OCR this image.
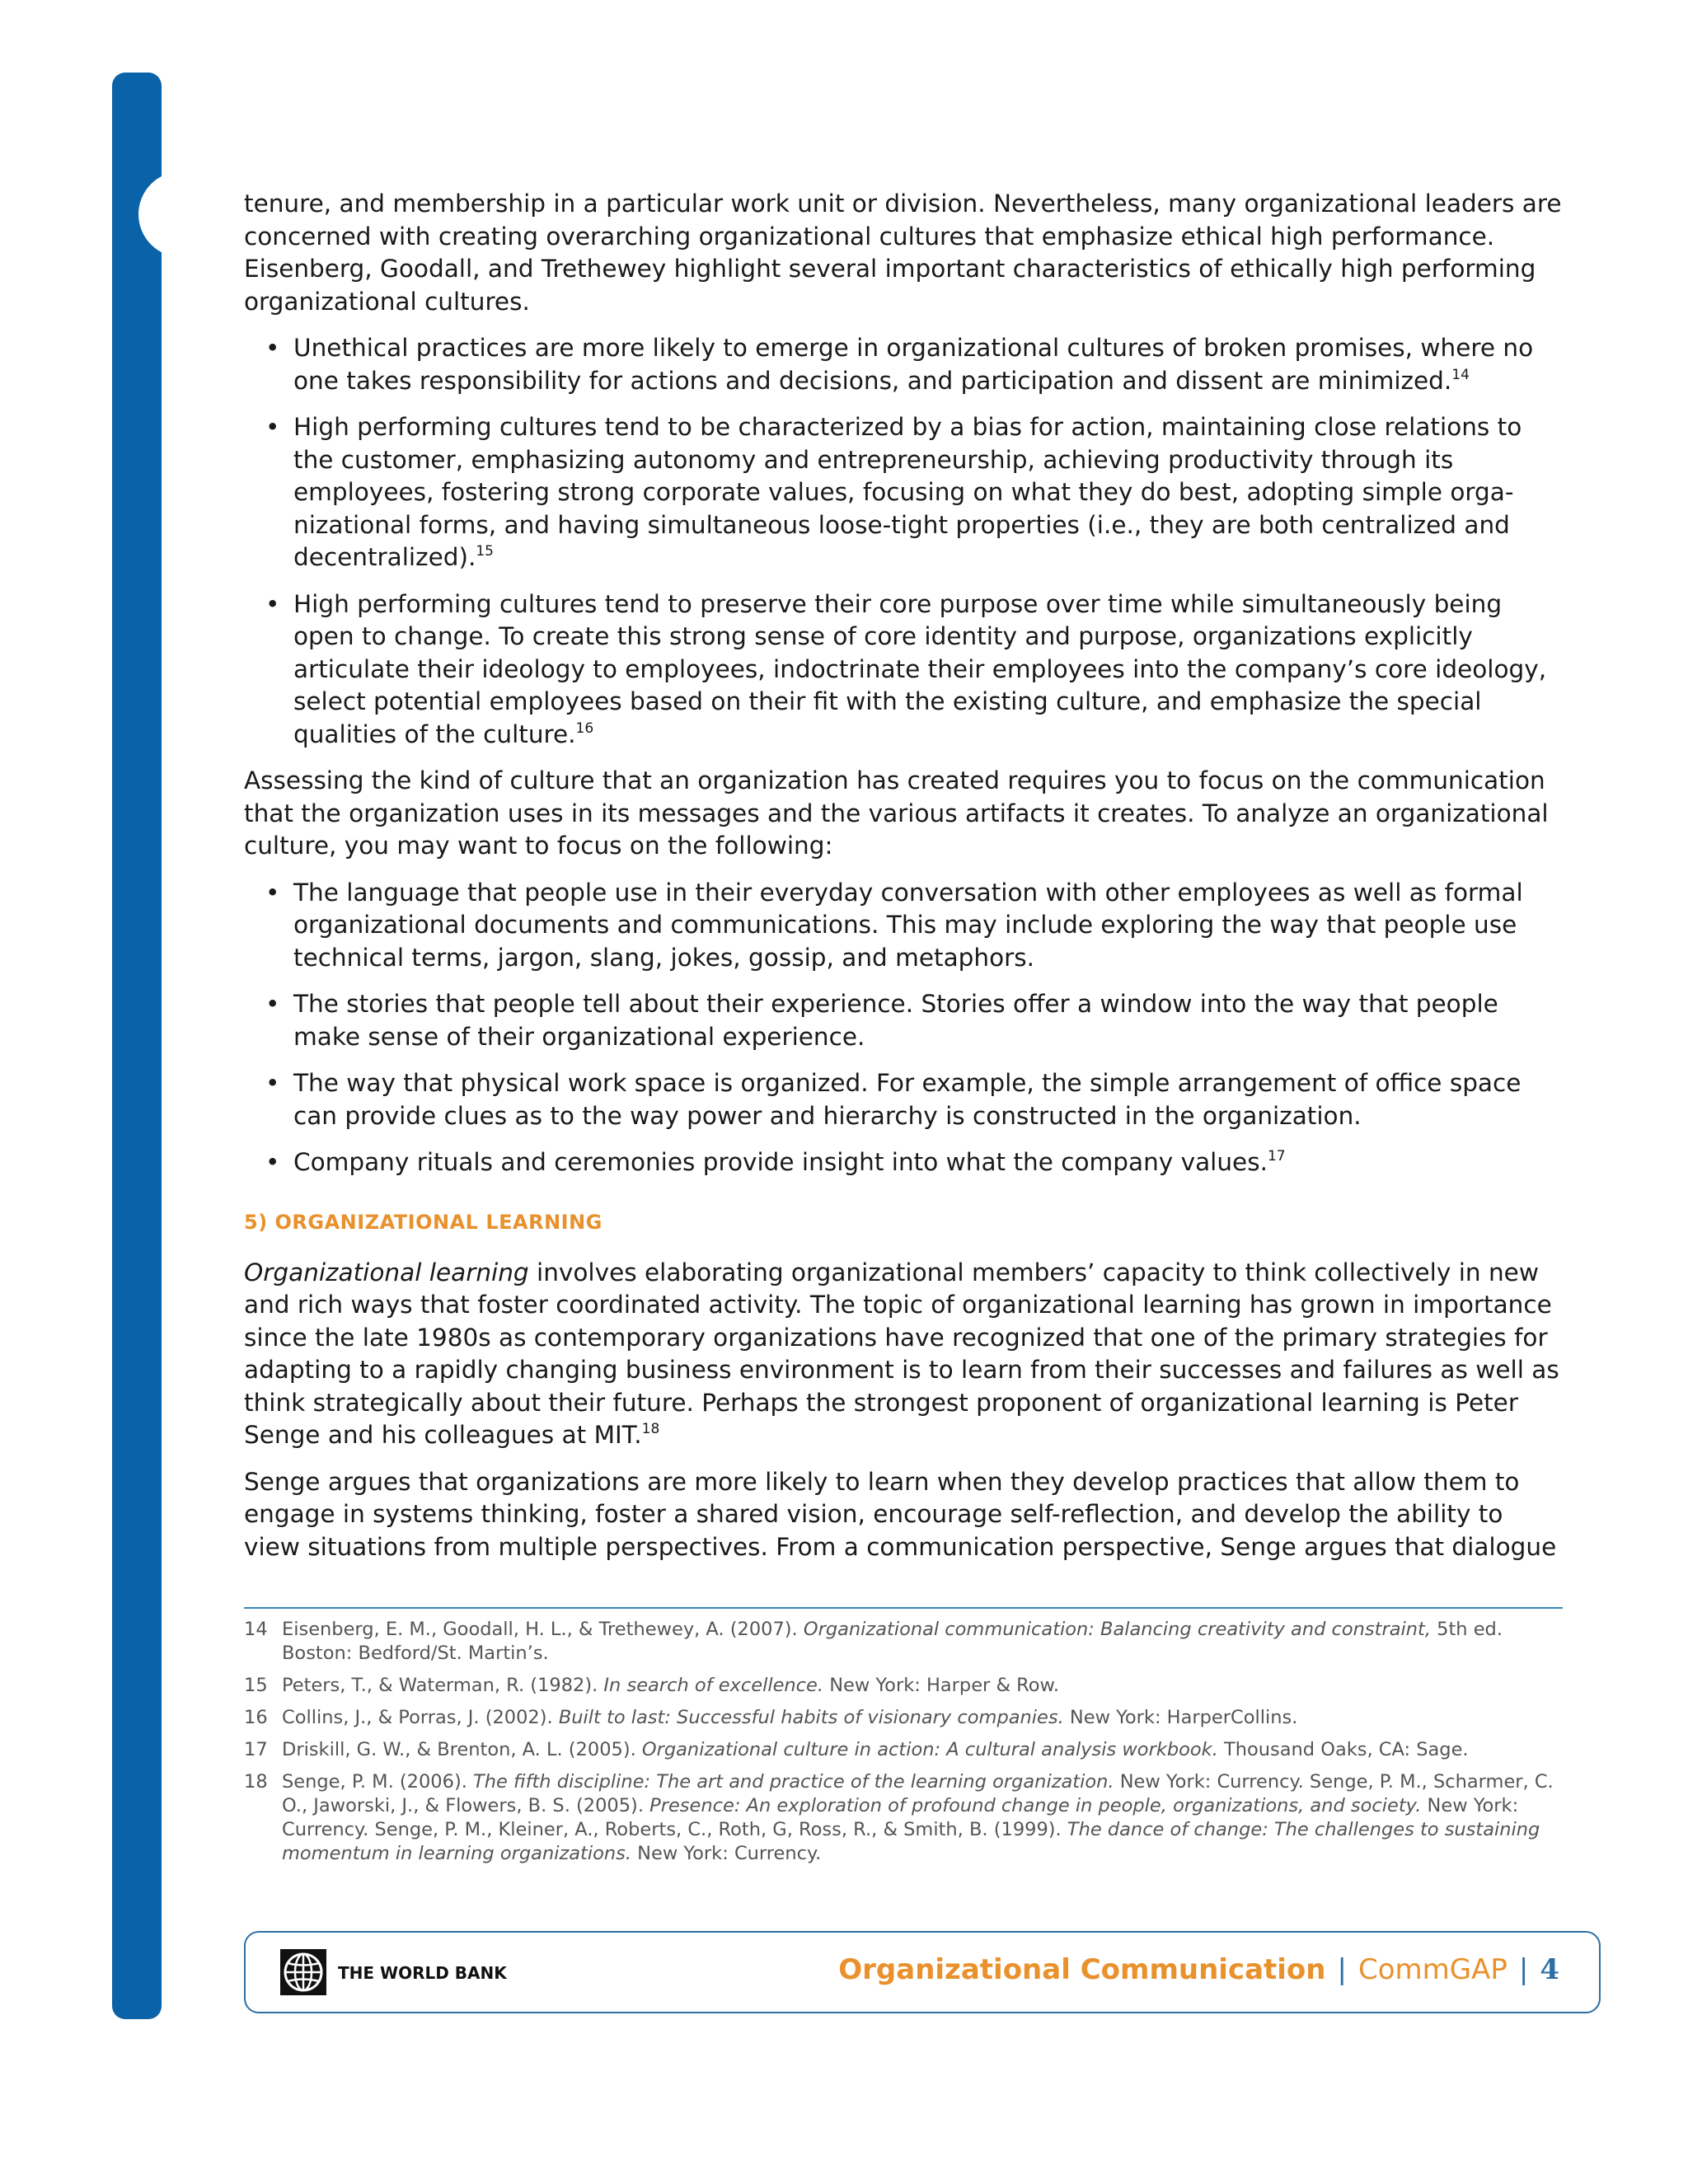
tenure, and membership in a particular work unit or division. Nevertheless, many organizational leaders are concerned with creating overarching organizational cultures that emphasize ethical high performance. Eisenberg, Goodall, and Trethewey highlight several important characteristics of ethically high performing organizational cultures.

• Unethical practices are more likely to emerge in organizational cultures of broken promises, where no one takes responsibility for actions and decisions, and participation and dissent are minimized.$^{14}$
• High performing cultures tend to be characterized by a bias for action, maintaining close relations to the customer, emphasizing autonomy and entrepreneurship, achieving productivity through its employees, fostering strong corporate values, focusing on what they do best, adopting simple organizational forms, and having simultaneous loose-tight properties (i.e., they are both centralized and decentralized).$^{15}$
• High performing cultures tend to preserve their core purpose over time while simultaneously being open to change. To create this strong sense of core identity and purpose, organizations explicitly articulate their ideology to employees, indoctrinate their employees into the company’s core ideology, select potential employees based on their fit with the existing culture, and emphasize the special qualities of the culture.$^{16}$

Assessing the kind of culture that an organization has created requires you to focus on the communication that the organization uses in its messages and the various artifacts it creates. To analyze an organizational culture, you may want to focus on the following:

• The language that people use in their everyday conversation with other employees as well as formal organizational documents and communications. This may include exploring the way that people use technical terms, jargon, slang, jokes, gossip, and metaphors.
• The stories that people tell about their experience. Stories offer a window into the way that people make sense of their organizational experience.
• The way that physical work space is organized. For example, the simple arrangement of office space can provide clues as to the way power and hierarchy is constructed in the organization.
• Company rituals and ceremonies provide insight into what the company values.$^{17}$
5) ORGANIZATIONAL LEARNING

Organizational learning involves elaborating organizational members’ capacity to think collectively in new and rich ways that foster coordinated activity. The topic of organizational learning has grown in importance since the late 1980s as contemporary organizations have recognized that one of the primary strategies for adapting to a rapidly changing business environment is to learn from their successes and failures as well as think strategically about their future. Perhaps the strongest proponent of organizational learning is Peter Senge and his colleagues at MIT.$^{18}$

Senge argues that organizations are more likely to learn when they develop practices that allow them to engage in systems thinking, foster a shared vision, encourage self-reflection, and develop the ability to view situations from multiple perspectives. From a communication perspective, Senge argues that dialogue

14 Eisenberg, E. M., Goodall, H. L., & Trethewey, A. (2007). Organizational communication: Balancing creativity and constraint, 5th ed. Boston: Bedford/St. Martin’s.
15 Peters, T., & Waterman, R. (1982). In search of excellence. New York: Harper & Row.
16 Collins, J., & Porras, J. (2002). Built to last: Successful habits of visionary companies. New York: HarperCollins.
17 Driskill, G. W., & Brenton, A. L. (2005). Organizational culture in action: A cultural analysis workbook. Thousand Oaks, CA: Sage.
18 Senge, P. M. (2006). The fifth discipline: The art and practice of the learning organization. New York: Currency. Senge, P. M., Scharmer, C. O., Jaworski, J., & Flowers, B. S. (2005). Presence: An exploration of profound change in people, organizations, and society. New York: Currency. Senge, P. M., Kleiner, A., Roberts, C., Roth, G, Ross, R., & Smith, B. (1999). The dance of change: The challenges to sustaining momentum in learning organizations. New York: Currency.
THE WORLD BANK	Organizational Communication | CommGAP | 4
